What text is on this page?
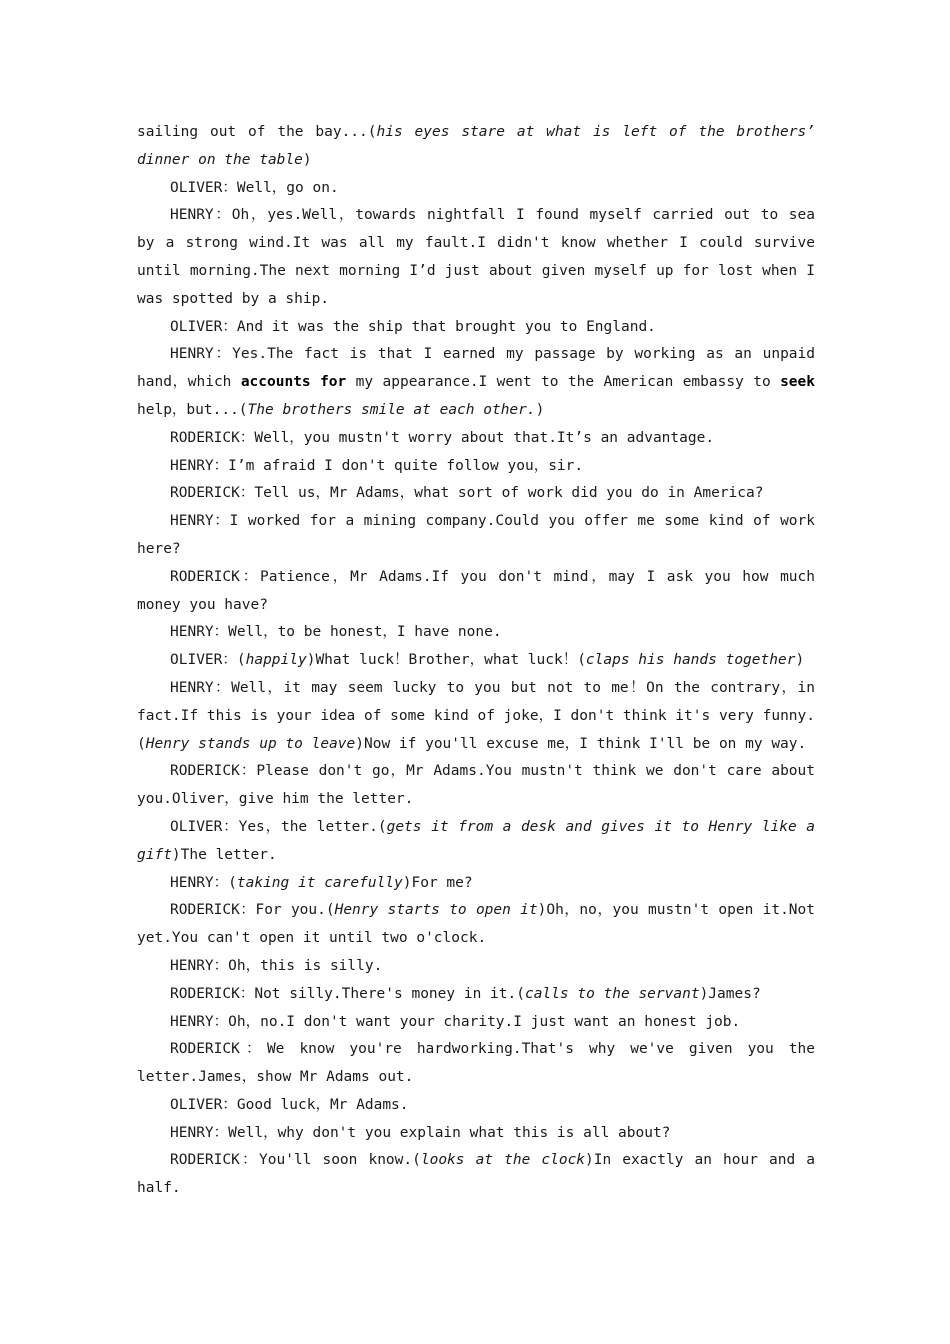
sailing out of the bay...(his eyes stare at what is left of the brothers’ dinner on the table)

OLIVER：Well，go on.

HENRY：Oh，yes.Well，towards nightfall I found myself carried out to sea by a strong wind.It was all my fault.I didn't know whether I could survive until morning.The next morning I’d just about given myself up for lost when I was spotted by a ship.

OLIVER：And it was the ship that brought you to England.

HENRY：Yes.The fact is that I earned my passage by working as an unpaid hand，which accounts for my appearance.I went to the American embassy to seek help，but...(The brothers smile at each other.)

RODERICK：Well，you mustn't worry about that.It’s an advantage.

HENRY：I’m afraid I don't quite follow you，sir.

RODERICK：Tell us，Mr Adams，what sort of work did you do in America?

HENRY：I worked for a mining company.Could you offer me some kind of work here?

RODERICK：Patience，Mr Adams.If you don't mind，may I ask you how much money you have?

HENRY：Well，to be honest，I have none.

OLIVER：(happily)What luck！Brother，what luck！(claps his hands together)

HENRY：Well，it may seem lucky to you but not to me！On the contrary，in fact.If this is your idea of some kind of joke，I don't think it's very funny.(Henry stands up to leave)Now if you'll excuse me，I think I'll be on my way.

RODERICK：Please don't go，Mr Adams.You mustn't think we don't care about you.Oliver，give him the letter.

OLIVER：Yes，the letter.(gets it from a desk and gives it to Henry like a gift)The letter.

HENRY：(taking it carefully)For me?

RODERICK：For you.(Henry starts to open it)Oh，no，you mustn't open it.Not yet.You can't open it until two o'clock.

HENRY：Oh，this is silly.

RODERICK：Not silly.There's money in it.(calls to the servant)James?

HENRY：Oh，no.I don't want your charity.I just want an honest job.

RODERICK：We know you're hardworking.That's why we've given you the letter.James，show Mr Adams out.

OLIVER：Good luck，Mr Adams.

HENRY：Well，why don't you explain what this is all about?

RODERICK：You'll soon know.(looks at the clock)In exactly an hour and a half.
